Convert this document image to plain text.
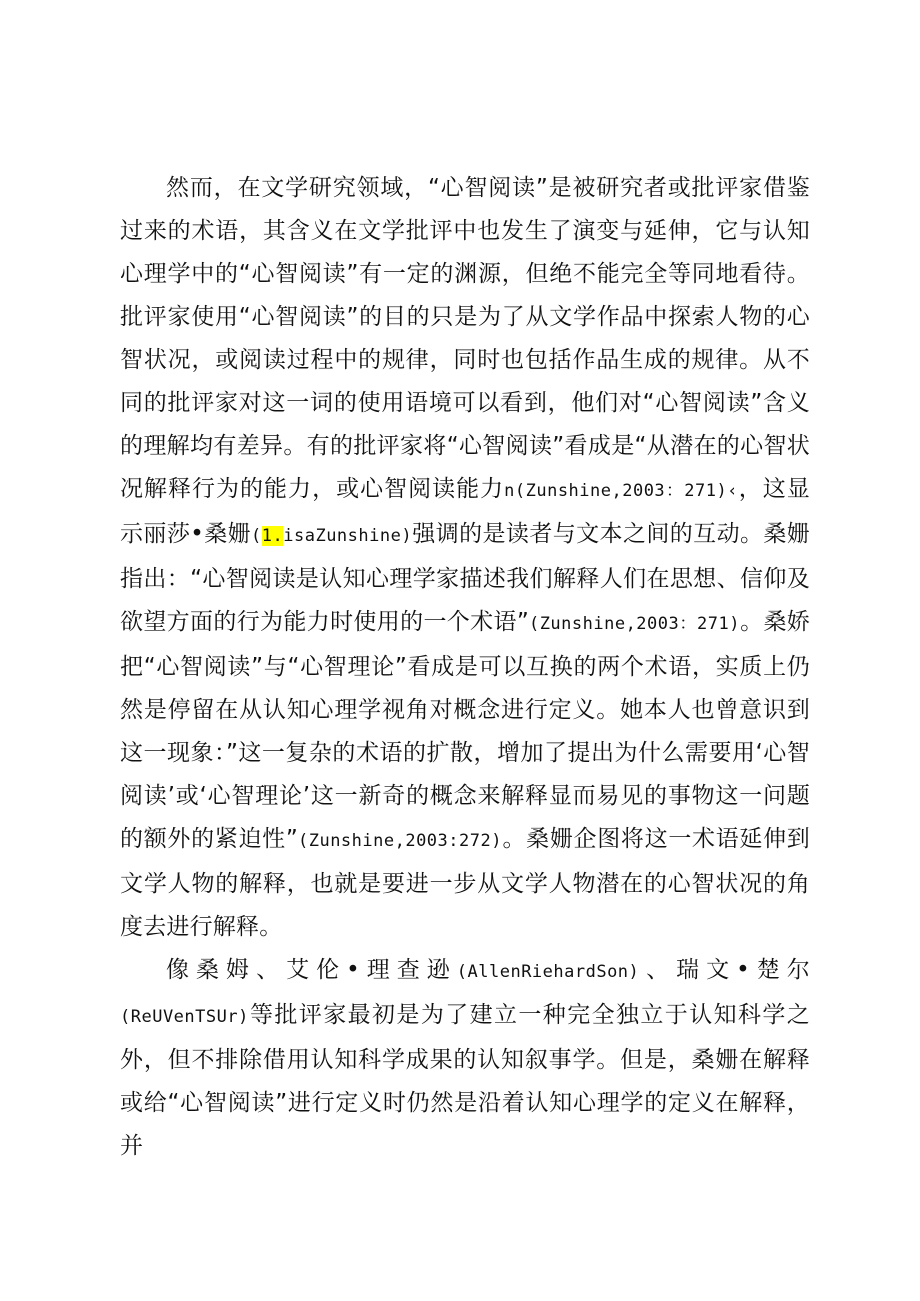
然而，在文学研究领域，“心智阅读”是被研究者或批评家借鉴过来的术语，其含义在文学批评中也发生了演变与延伸，它与认知心理学中的“心智阅读”有一定的渊源，但绝不能完全等同地看待。批评家使用“心智阅读”的目的只是为了从文学作品中探索人物的心智状况，或阅读过程中的规律，同时也包括作品生成的规律。从不同的批评家对这一词的使用语境可以看到，他们对“心智阅读”含义的理解均有差异。有的批评家将“心智阅读”看成是“从潜在的心智状况解释行为的能力，或心智阅读能力n(Zunshine,2003：271)‹，这显示丽莎•桑姗(1.isaZunshine)强调的是读者与文本之间的互动。桑姗指出：“心智阅读是认知心理学家描述我们解释人们在思想、信仰及欲望方面的行为能力时使用的一个术语”(Zunshine,2003：271)。桑娇把“心智阅读”与“心智理论”看成是可以互换的两个术语，实质上仍然是停留在从认知心理学视角对概念进行定义。她本人也曾意识到这一现象：”这一复杂的术语的扩散，增加了提出为什么需要用‘心智阅读’或‘心智理论’这一新奇的概念来解释显而易见的事物这一问题的额外的紧迫性”(Zunshine,2003:272)。桑姗企图将这一术语延伸到文学人物的解释，也就是要进一步从文学人物潜在的心智状况的角度去进行解释。

像桑姆、艾伦•理查逊(AllenRiehardSon)、瑞文•楚尔(ReUVenTSUr)等批评家最初是为了建立一种完全独立于认知科学之外，但不排除借用认知科学成果的认知叙事学。但是，桑姗在解释或给“心智阅读”进行定义时仍然是沿着认知心理学的定义在解释，并
